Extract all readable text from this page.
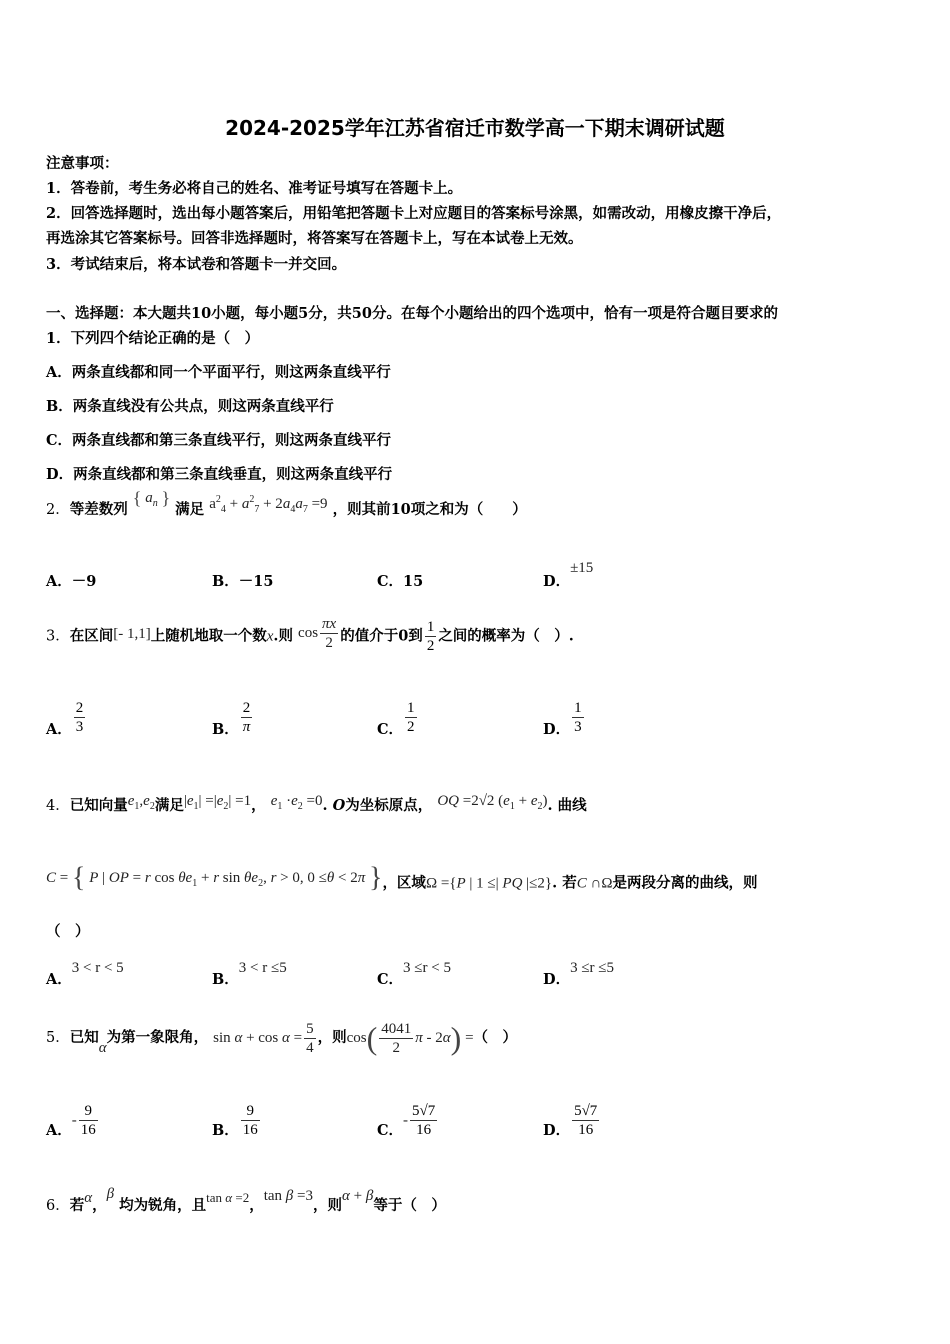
2024-2025学年江苏省宿迁市数学高一下期末调研试题
注意事项：
1．答卷前，考生务必将自己的姓名、准考证号填写在答题卡上。
2．回答选择题时，选出每小题答案后，用铅笔把答题卡上对应题目的答案标号涂黑，如需改动，用橡皮擦干净后，
再选涂其它答案标号。回答非选择题时，将答案写在答题卡上，写在本试卷上无效。
3．考试结束后，将本试卷和答题卡一并交回。
一、选择题：本大题共10小题，每小题5分，共50分。在每个小题给出的四个选项中，恰有一项是符合题目要求的
1．下列四个结论正确的是（　）
A．两条直线都和同一个平面平行，则这两条直线平行
B．两条直线没有公共点，则这两条直线平行
C．两条直线都和第三条直线平行，则这两条直线平行
D．两条直线都和第三条直线垂直，则这两条直线平行
2．等差数列 { $a_n$ } 满足 $a^2_4 + a^2_7 + 2a_4a_7 =9$ ，则其前10项之和为（　　）
A．－9	B．－15	C．15	D．±15
3．在区间[- 1,1]上随机地取一个数x.则 $\cos \frac{\pi x}{2}$ 的值介于0到 $\frac{1}{2}$ 之间的概率为（　）.
A． $\frac{2}{3}$	B． $\frac{2}{\pi}$	C． $\frac{1}{2}$	D． $\frac{1}{3}$
4．已知向量$e_1,e_2$满足$|e_1| =|e_2| =1$， $e_1 \cdot e_2 =0$. O为坐标原点， OQ =2√2 $(e_1 + e_2)$. 曲线
C = { P | OP = r $\cos \theta e_1 + r$ $\sin \theta e_2$, r > 0, 0 ≤θ < 2π }，区域Ω ={P | 1 ≤| PQ |≤2}. 若C ∩Ω是两段分离的曲线，则
（　）
A．3 < r < 5
B．3 < r ≤5
C．3 ≤r < 5
D．3 ≤r ≤5
5．已知α为第一象限角， $\sin \alpha + \cos \alpha = \frac{5}{4}$ ，则$\cos( \frac{4041}{2}$ π - 2α) =（　）
A．- $\frac{9}{16}$	B． $\frac{9}{16}$	C．- $\frac{5√7}{16}$	D． $\frac{5√7}{16}$
6．若α，β 均为锐角，且tan α =2，tan β =3，则α + β等于（　）
